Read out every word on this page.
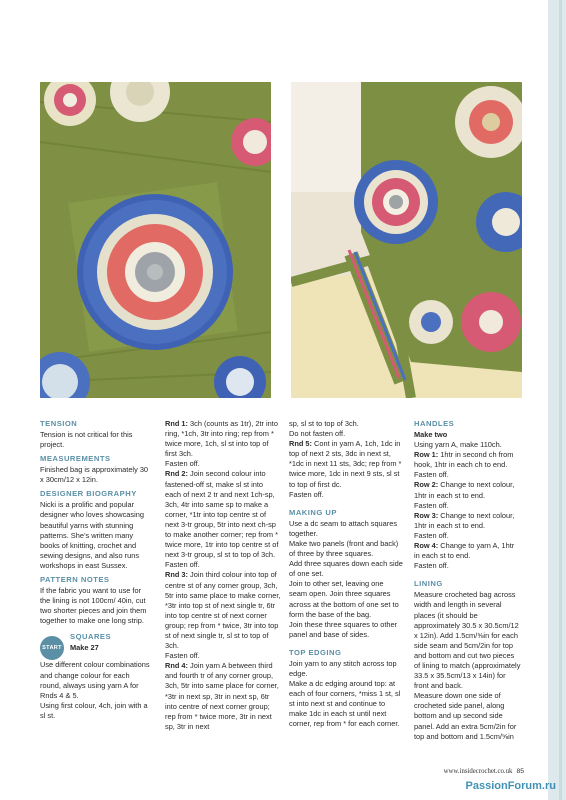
TENSION

Tension is not critical for this project.

MEASUREMENTS

Finished bag is approximately 30 x 30cm/12 x 12in.

DESIGNER BIOGRAPHY

Nicki is a prolific and popular designer who loves showcasing beautiful yarns with stunning patterns. She’s written many books of knitting, crochet and sewing designs, and also runs workshops in east Sussex.

PATTERN NOTES

If the fabric you want to use for the lining is not 100cm/ 40in, cut two shorter pieces and join them together to make one long strip.

START
SQUARES
Make 27

Use different colour combinations and change colour for each round, always using yarn A for Rnds 4 & 5.

Using first colour, 4ch, join with a sl st.

Rnd 1: 3ch (counts as 1tr), 2tr into ring, *1ch, 3tr into ring; rep from * twice more, 1ch, sl st into top of first 3ch.

Fasten off.

Rnd 2: Join second colour into fastened-off st, make sl st into each of next 2 tr and next 1ch-sp, 3ch, 4tr into same sp to make a corner, *1tr into top centre st of next 3-tr group, 5tr into next ch-sp to make another corner; rep from * twice more, 1tr into top centre st of next 3-tr group, sl st to top of 3ch.

Fasten off.

Rnd 3: Join third colour into top of centre st of any corner group, 3ch, 5tr into same place to make corner, *3tr into top st of next single tr, 6tr into top centre st of next corner group; rep from * twice, 3tr into top st of next single tr, sl st to top of 3ch.

Fasten off.

Rnd 4: Join yarn A between third and fourth tr of any corner group, 3ch, 5tr into same place for corner, *3tr in next sp, 3tr in next sp, 6tr into centre of next corner group; rep from * twice more, 3tr in next sp, 3tr in next

sp, sl st to top of 3ch.

Do not fasten off.

Rnd 5: Cont in yarn A, 1ch, 1dc in top of next 2 sts, 3dc in next st, *1dc in next 11 sts, 3dc; rep from * twice more, 1dc in next 9 sts, sl st to top of first dc.

Fasten off.

MAKING UP

Use a dc seam to attach squares together.

Make two panels (front and back) of three by three squares.

Add three squares down each side of one set.

Join to other set, leaving one seam open. Join three squares across at the bottom of one set to form the base of the bag.

Join these three squares to other panel and base of sides.

TOP EDGING

Join yarn to any stitch across top edge.

Make a dc edging around top: at each of four corners, *miss 1 st, sl st into next st and continue to make 1dc in each st until next corner, rep from * for each corner.

HANDLES
Make two

Using yarn A, make 110ch.

Row 1: 1htr in second ch from hook, 1htr in each ch to end.

Fasten off.

Row 2: Change to next colour, 1htr in each st to end.

Fasten off.

Row 3: Change to next colour, 1htr in each st to end.

Fasten off.

Row 4: Change to yarn A, 1htr in each st to end.

Fasten off.

LINING

Measure crocheted bag across width and length in several places (it should be approximately 30.5 x 30.5cm/12 x 12in). Add 1.5cm/⅝in for each side seam and 5cm/2in for top and bottom and cut two pieces of lining to match (approximately 33.5 x 35.5cm/13 x 14in) for front and back.

Measure down one side of crocheted side panel, along bottom and up second side panel. Add an extra 5cm/2in for top and bottom and 1.5cm/⅝in

www.insidecrochet.co.uk 85
PassionForum.ru
